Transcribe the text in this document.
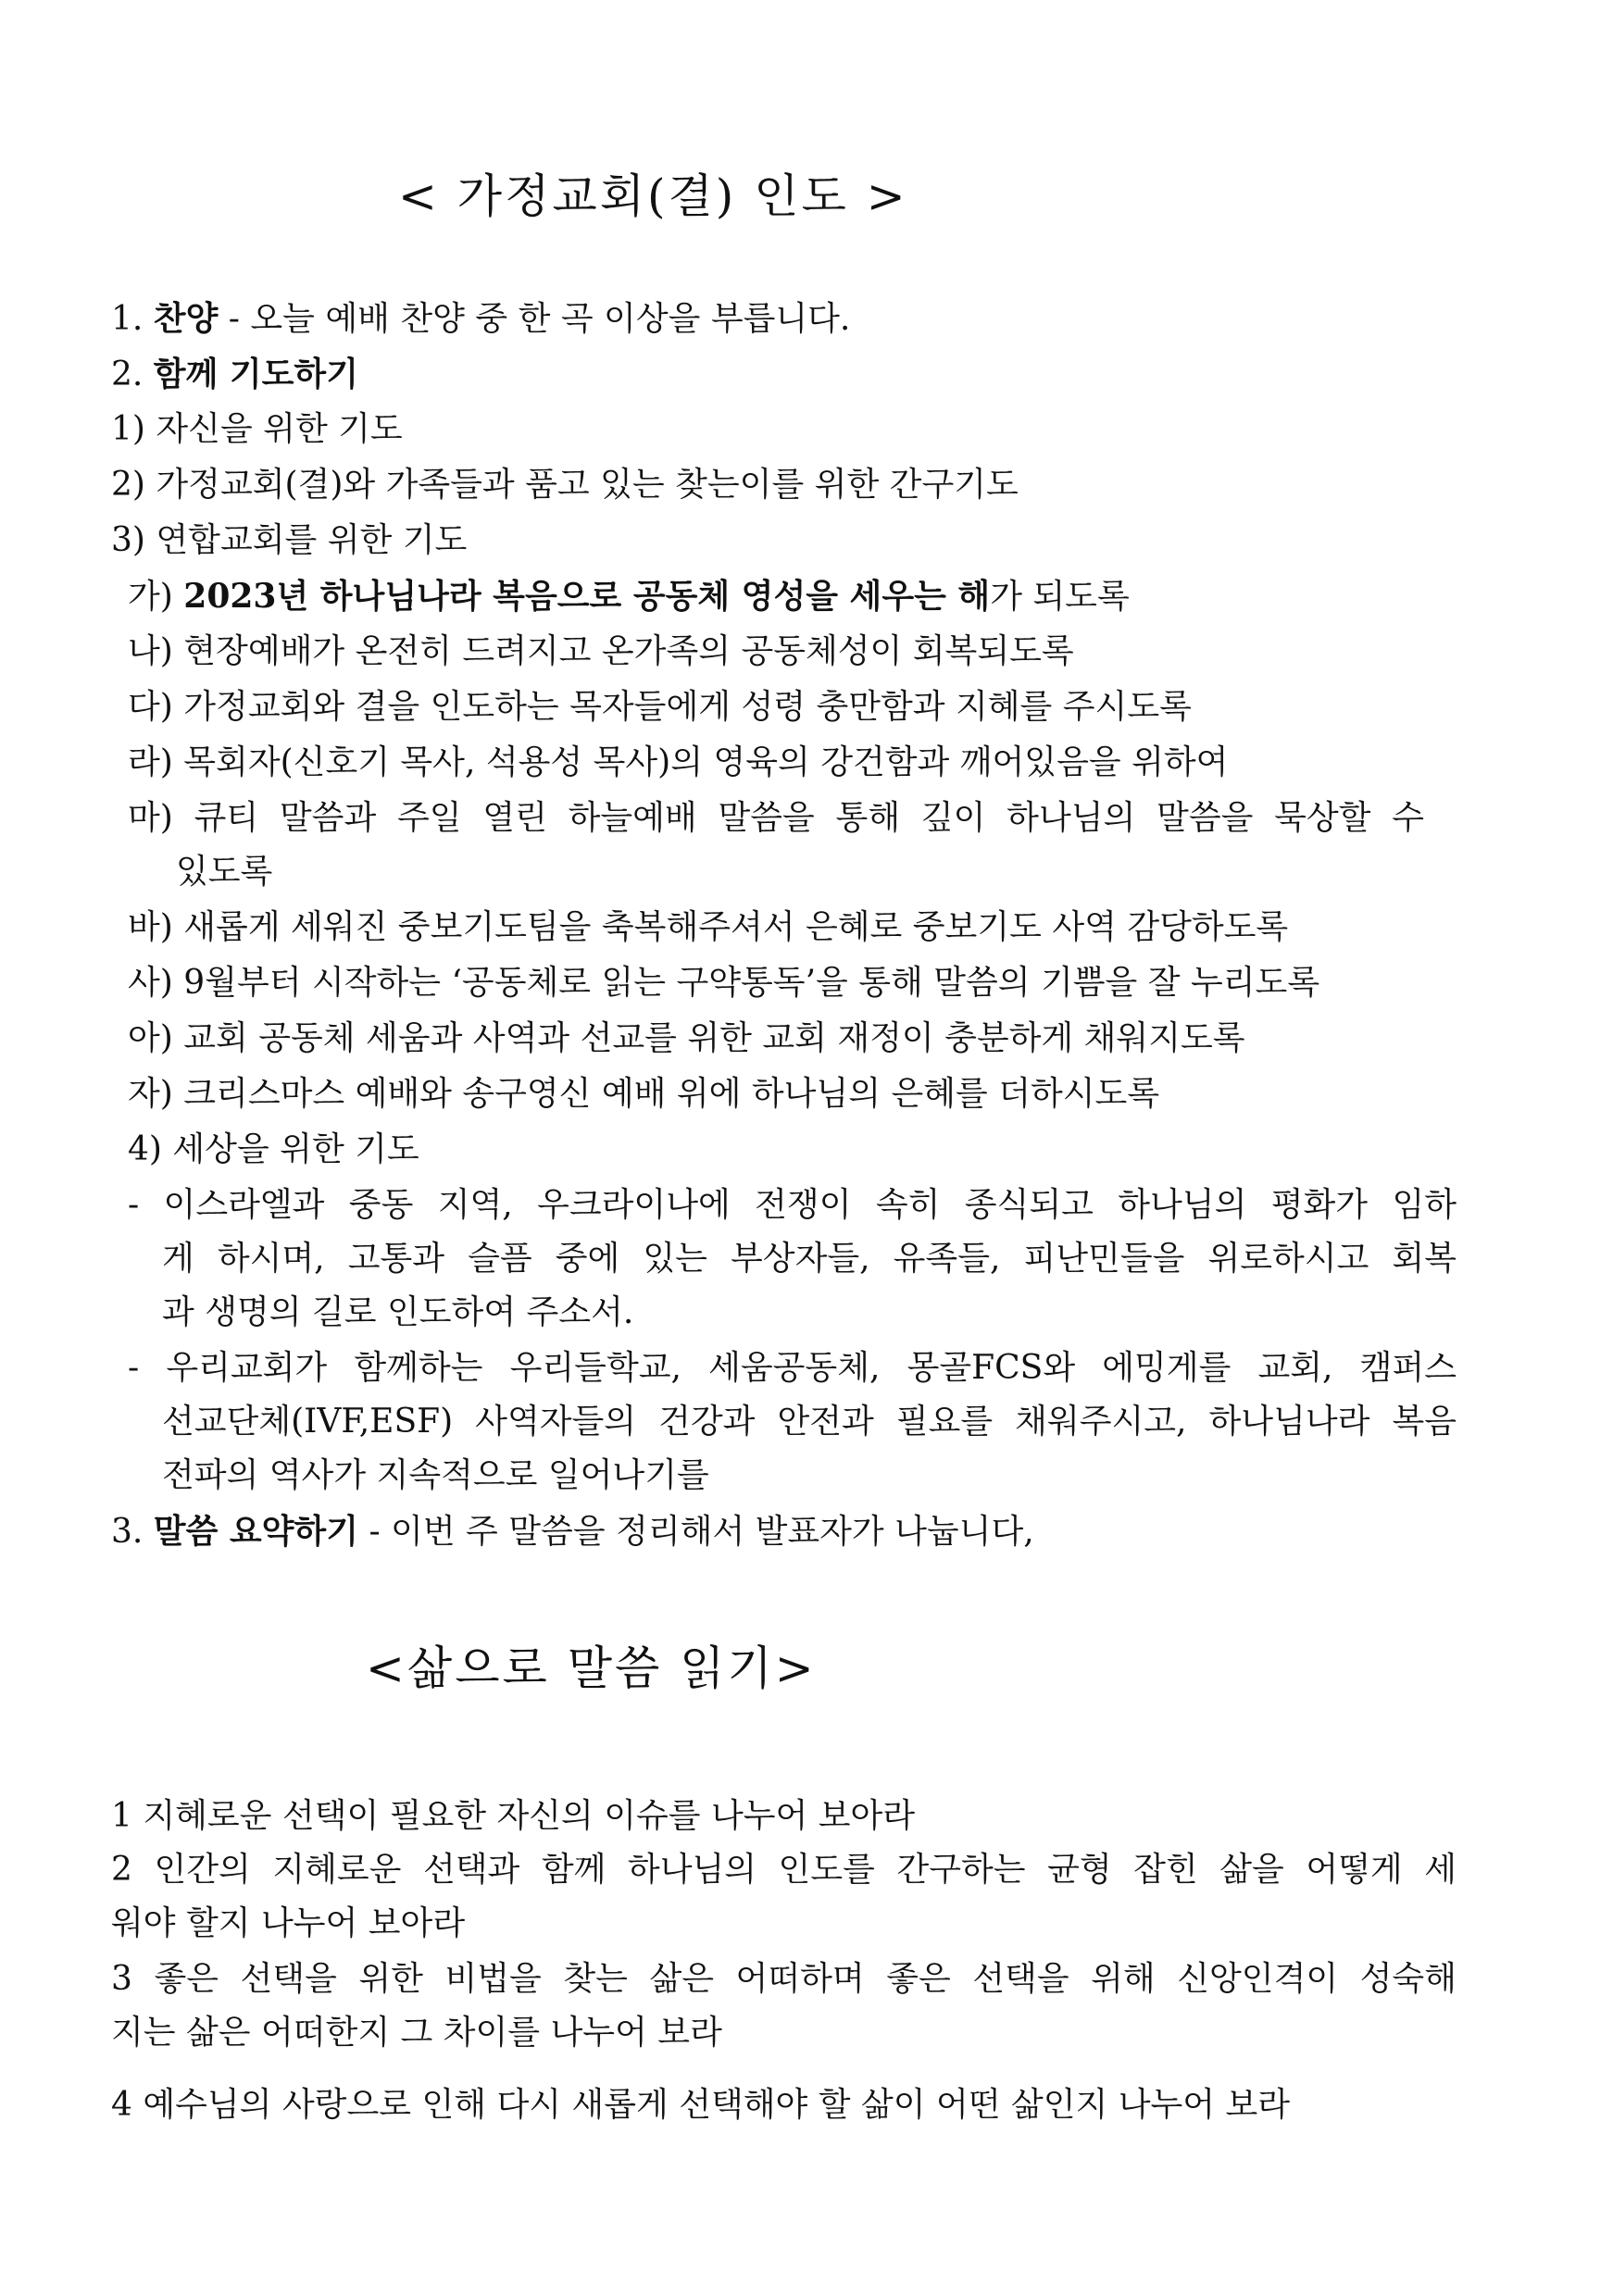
< 가정교회(결) 인도 >
1. 찬양 - 오늘 예배 찬양 중 한 곡 이상을 부릅니다.
2. 함께 기도하기
1) 자신을 위한 기도
2) 가정교회(결)와 가족들과 품고 있는 찾는이를 위한 간구기도
3) 연합교회를 위한 기도
가) 2023년 하나님나라 복음으로 공동체 영성을 세우는 해가 되도록
나) 현장예배가 온전히 드려지고 온가족의 공동체성이 회복되도록
다) 가정교회와 결을 인도하는 목자들에게 성령 충만함과 지혜를 주시도록
라) 목회자(신호기 목사, 석용성 목사)의 영육의 강건함과 깨어있음을 위하여
마) 큐티 말씀과 주일 열린 하늘예배 말씀을 통해 깊이 하나님의 말씀을 묵상할 수
있도록
바) 새롭게 세워진 중보기도팀을 축복해주셔서 은혜로 중보기도 사역 감당하도록
사) 9월부터 시작하는 ‘공동체로 읽는 구약통독’을 통해 말씀의 기쁨을 잘 누리도록
아) 교회 공동체 세움과 사역과 선교를 위한 교회 재정이 충분하게 채워지도록
자) 크리스마스 예배와 송구영신 예배 위에 하나님의 은혜를 더하시도록
4) 세상을 위한 기도
- 이스라엘과 중동 지역, 우크라이나에 전쟁이 속히 종식되고 하나님의 평화가 임하
게 하시며, 고통과 슬픔 중에 있는 부상자들, 유족들, 피난민들을 위로하시고 회복
과 생명의 길로 인도하여 주소서.
- 우리교회가 함께하는 우리들학교, 세움공동체, 몽골FCS와 에밍게를 교회, 캠퍼스
선교단체(IVF,ESF) 사역자들의 건강과 안전과 필요를 채워주시고, 하나님나라 복음
전파의 역사가 지속적으로 일어나기를
3. 말씀 요약하기 - 이번 주 말씀을 정리해서 발표자가 나눕니다,
<삶으로 말씀 읽기>
1 지혜로운 선택이 필요한 자신의 이슈를 나누어 보아라
2 인간의 지혜로운 선택과 함께 하나님의 인도를 간구하는 균형 잡힌 삶을 어떻게 세
워야 할지 나누어 보아라
3 좋은 선택을 위한 비법을 찾는 삶은 어떠하며 좋은 선택을 위해 신앙인격이 성숙해
지는 삶은 어떠한지 그 차이를 나누어 보라
4 예수님의 사랑으로 인해 다시 새롭게 선택해야 할 삶이 어떤 삶인지 나누어 보라
